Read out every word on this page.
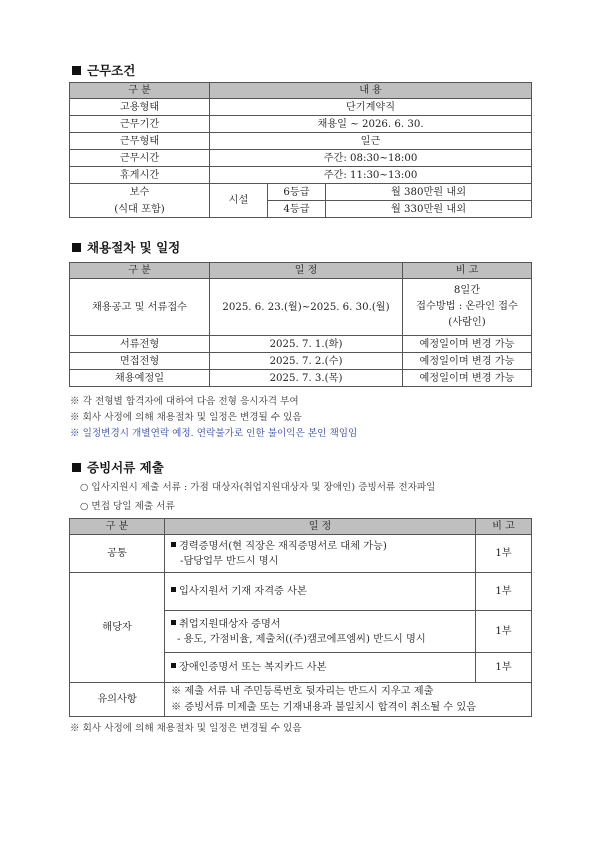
근무조건
구 분	내 용		
고용형태	단기계약직		
근무기간	채용일 ~ 2026. 6. 30.		
근무형태	일근		
근무시간	주간: 08:30~18:00		
휴게시간	주간: 11:30~13:00		

보수
(식대 포함)	시설	6등급	월 380만원 내외
		4등급	월 330만원 내외
채용절차 및 일정
구 분	일 정	비 고
채용공고 및 서류접수	2025. 6. 23.(월)~2025. 6. 30.(월)	8일간
접수방법 : 온라인 접수
(사람인)

서류전형	2025. 7. 1.(화)	예정일이며 변경 가능
면접전형	2025. 7. 2.(수)	예정일이며 변경 가능
채용예정일	2025. 7. 3.(목)	예정일이며 변경 가능
※ 각 전형별 합격자에 대하여 다음 전형 응시자격 부여
※ 회사 사정에 의해 채용절차 및 일정은 변경될 수 있음
※ 일정변경시 개별연락 예정. 연락불가로 인한 불이익은 본인 책임임
증빙서류 제출
○ 입사지원시 제출 서류 : 가점 대상자(취업지원대상자 및 장애인) 증빙서류 전자파일
○ 면접 당일 제출 서류
구 분	일 정	비 고
공통	경력증명서(현 직장은 재직증명서로 대체 가능)
-담당업무 반드시 명시	1부
해당자	입사지원서 기재 자격증 사본	1부

	취업지원대상자 증명서
- 용도, 가점비율, 제출처((주)캠코에프엠씨) 반드시 명시	1부

	장애인증명서 또는 복지카드 사본	1부
유의사항	※ 제출 서류 내 주민등록번호 뒷자리는 반드시 지우고 제출
※ 증빙서류 미제출 또는 기재내용과 불일치시 합격이 취소될 수 있음	
※ 회사 사정에 의해 채용절차 및 일정은 변경될 수 있음
